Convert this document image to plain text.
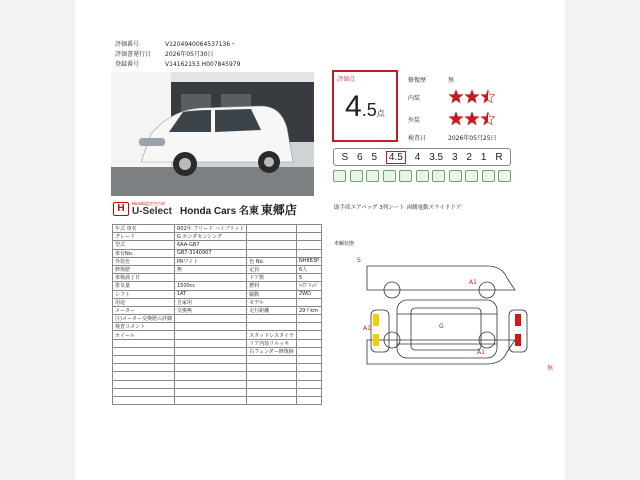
評価番号	V1204940064537136・
評価書発行日	2026年05月30日
登録番号	V14162153 H007845979
H	Honda認定中古車
U-Select Honda Cars 名東 東郷店
年式 車名	R02年 フリード ハイブリッド		
グレード	G ホンダセンシング		
型式	6AA-GB7		
車台No.	GB7-3140907		
外装色	PRワイト	色 No.	NH883P
修復歴	無	定員	6人
車検満了日		ドア数	5
排気量	1500cc	燃料	ﾊｲﾌﾞﾘｯﾄﾞ
シフト	1AT	駆動	2WD
用途	自家用	モデル	
メーター	交換無	走行距離	29千km
注)メーター交換歴の詳細			
検査コメント			
ホイール		スタッドレスタイヤ	
		リア内装リルッキ	
		右フェンダー修復跡	

評価点
4.5点
修復歴	無
内装
外装
検査日	2026年05月25日
S 6 5	4.5	4 3.5 3 2 1 R
助手席エアバッグ 3列シート 両側電動スライドドア
車輌状態
S
A1
G
A1
A1
無
